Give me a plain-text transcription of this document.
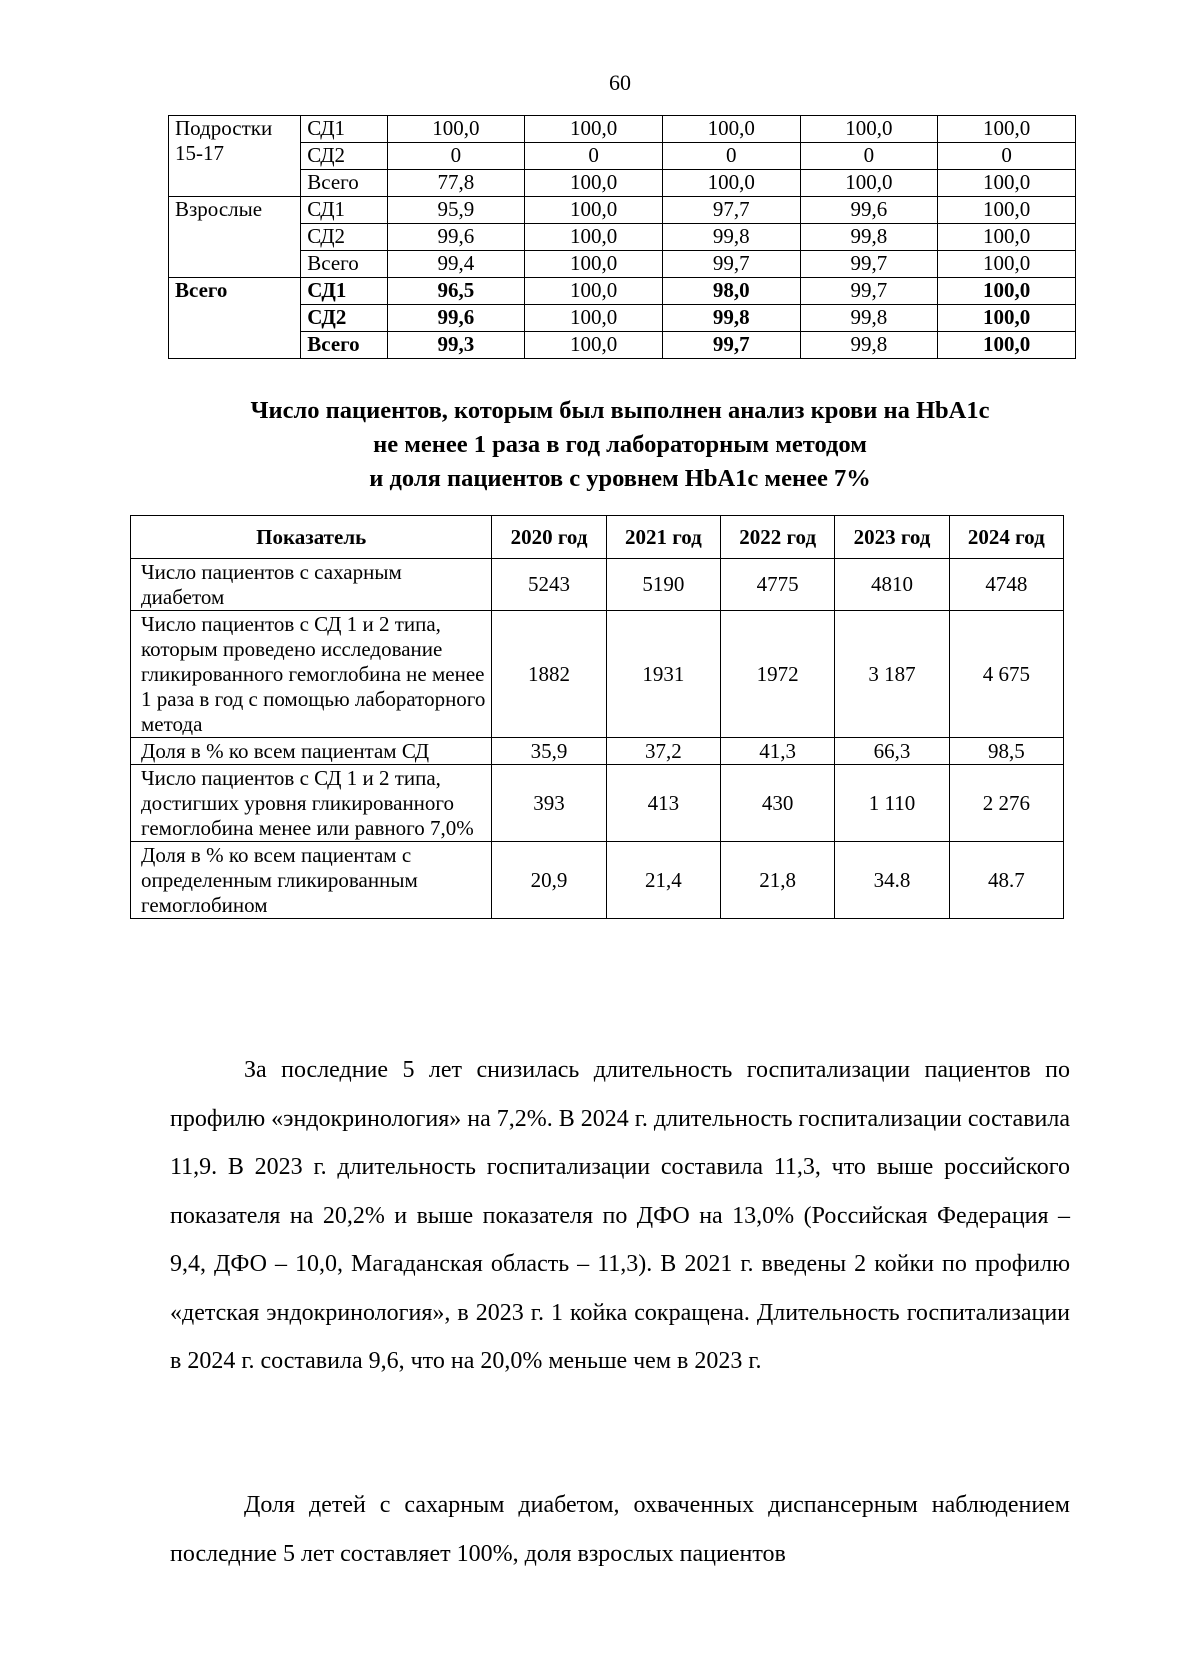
60
Подростки 15-17	СД1	100,0	100,0	100,0	100,0	100,0
	СД2	0	0	0	0	0
	Всего	77,8	100,0	100,0	100,0	100,0
Взрослые	СД1	95,9	100,0	97,7	99,6	100,0
	СД2	99,6	100,0	99,8	99,8	100,0
	Всего	99,4	100,0	99,7	99,7	100,0
Всего	СД1	96,5	100,0	98,0	99,7	100,0
	СД2	99,6	100,0	99,8	99,8	100,0
	Всего	99,3	100,0	99,7	99,8	100,0
Число пациентов, которым был выполнен анализ крови на HbA1c
не менее 1 раза в год лабораторным методом
и доля пациентов с уровнем HbA1c менее 7%
Показатель	2020 год	2021 год	2022 год	2023 год	2024 год
Число пациентов с сахарным диабетом	5243	5190	4775	4810	4748
Число пациентов с СД 1 и 2 типа, которым проведено исследование гликированного гемоглобина не менее 1 раза в год с помощью лабораторного метода	1882	1931	1972	3 187	4 675
Доля в % ко всем пациентам СД	35,9	37,2	41,3	66,3	98,5
Число пациентов с СД 1 и 2 типа, достигших уровня гликированного гемоглобина менее или равного 7,0%	393	413	430	1 110	2 276
Доля в % ко всем пациентам с определенным гликированным гемоглобином	20,9	21,4	21,8	34.8	48.7

За последние 5 лет снизилась длительность госпитализации пациентов по профилю «эндокринология» на 7,2%. В 2024 г. длительность госпитализации составила 11,9. В 2023 г. длительность госпитализации составила 11,3, что выше российского показателя на 20,2% и выше показателя по ДФО на 13,0% (Российская Федерация – 9,4, ДФО – 10,0, Магаданская область – 11,3). В 2021 г. введены 2 койки по профилю «детская эндокринология», в 2023 г. 1 койка сокращена. Длительность госпитализации в 2024 г. составила 9,6, что на 20,0% меньше чем в 2023 г.

Доля детей с сахарным диабетом, охваченных диспансерным наблюдением последние 5 лет составляет 100%, доля взрослых пациентов
